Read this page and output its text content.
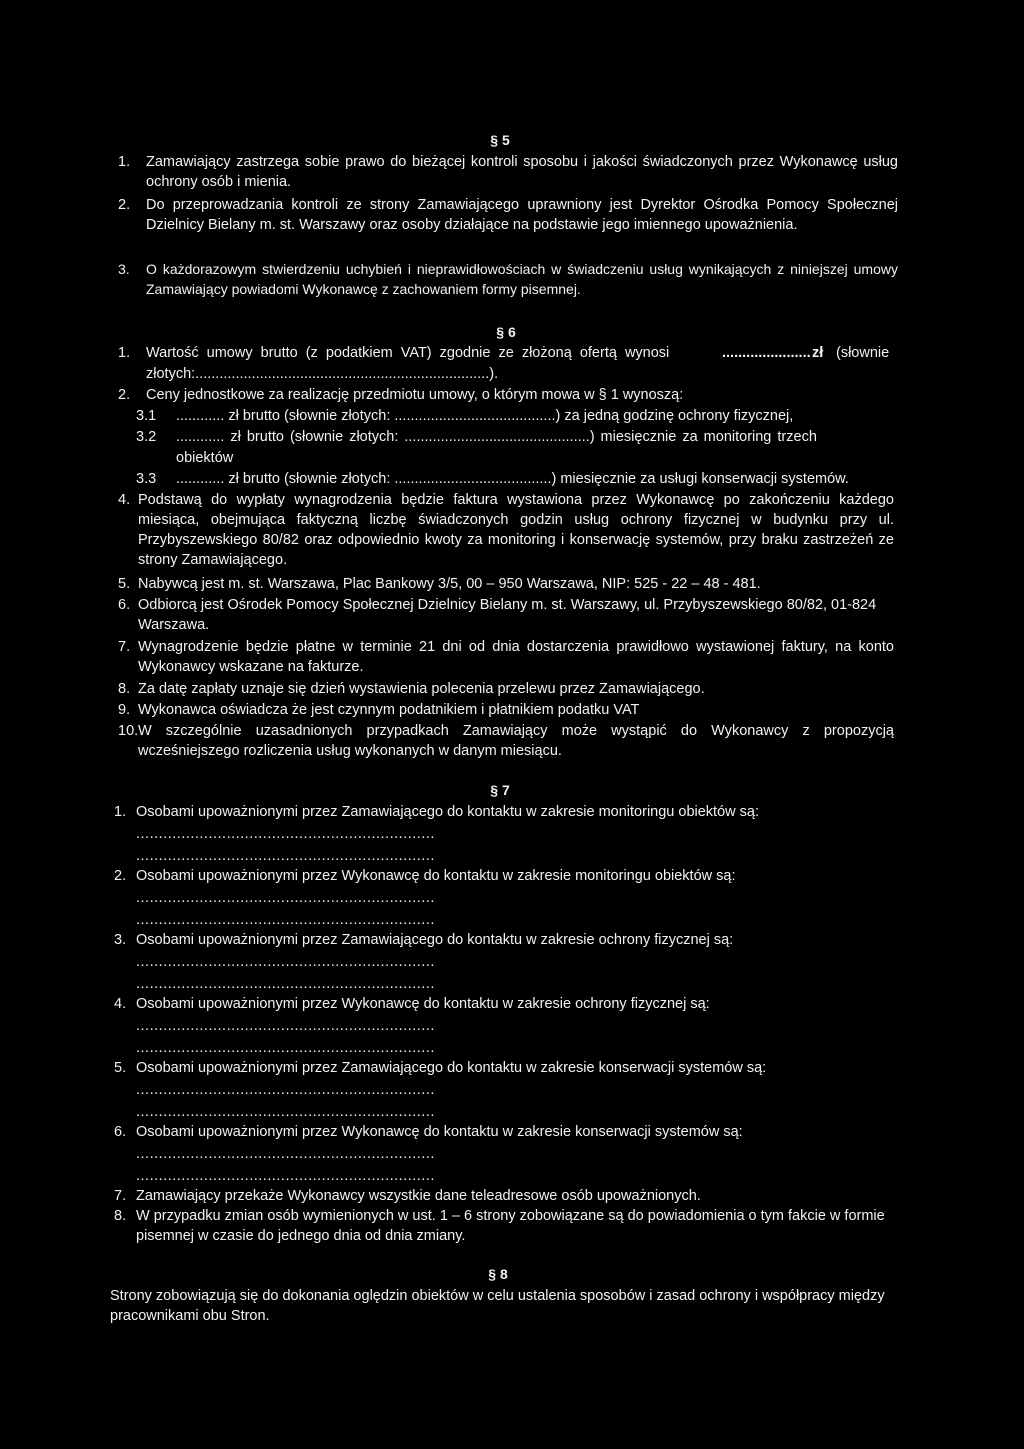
§ 5
1.	Zamawiający zastrzega sobie prawo do bieżącej kontroli sposobu i jakości świadczonych przez Wykonawcę usług ochrony osób i mienia.
2.	Do przeprowadzania kontroli ze strony Zamawiającego uprawniony jest Dyrektor Ośrodka Pomocy Społecznej Dzielnicy Bielany m. st. Warszawy oraz osoby działające na podstawie jego imiennego upoważnienia.
3.	O każdorazowym stwierdzeniu uchybień i nieprawidłowościach w świadczeniu usług wynikających z niniejszej umowy Zamawiający powiadomi Wykonawcę z zachowaniem formy pisemnej.
§ 6
1. Wartość umowy brutto (z podatkiem VAT) zgodnie ze złożoną ofertą wynosi	...................... zł (słownie
złotych:.........................................................................).
2. Ceny jednostkowe za realizację przedmiotu umowy, o którym mowa w § 1 wynoszą:
3.1 ............ zł brutto (słownie złotych: ........................................) za jedną godzinę ochrony fizycznej,
3.2 ............ zł brutto (słownie złotych: ..............................................) miesięcznie za monitoring trzech
obiektów
3.3 ............ zł brutto (słownie złotych: .......................................) miesięcznie za usługi konserwacji systemów.
4. Podstawą do wypłaty wynagrodzenia będzie faktura wystawiona przez Wykonawcę po zakończeniu każdego miesiąca, obejmująca faktyczną liczbę świadczonych godzin usług ochrony fizycznej w budynku przy ul. Przybyszewskiego 80/82 oraz odpowiednio kwoty za monitoring i konserwację systemów, przy braku zastrzeżeń ze strony Zamawiającego.
5. Nabywcą jest m. st. Warszawa, Plac Bankowy 3/5, 00 – 950 Warszawa, NIP: 525 - 22 – 48 - 481.
6. Odbiorcą jest Ośrodek Pomocy Społecznej Dzielnicy Bielany m. st. Warszawy, ul. Przybyszewskiego 80/82, 01-824 Warszawa.
7. Wynagrodzenie będzie płatne w terminie 21 dni od dnia dostarczenia prawidłowo wystawionej faktury, na konto Wykonawcy wskazane na fakturze.
8. Za datę zapłaty uznaje się dzień wystawienia polecenia przelewu przez Zamawiającego.
9. Wykonawca oświadcza że jest czynnym podatnikiem i płatnikiem podatku VAT
10. W szczególnie uzasadnionych przypadkach Zamawiający może wystąpić do Wykonawcy z propozycją wcześniejszego rozliczenia usług wykonanych w danym miesiącu.
§ 7
1. Osobami upoważnionymi przez Zamawiającego do kontaktu w zakresie monitoringu obiektów są:
..................................................................
..................................................................
2. Osobami upoważnionymi przez Wykonawcę do kontaktu w zakresie monitoringu obiektów są:
..................................................................
..................................................................
3. Osobami upoważnionymi przez Zamawiającego do kontaktu w zakresie ochrony fizycznej są:
..................................................................
..................................................................
4. Osobami upoważnionymi przez Wykonawcę do kontaktu w zakresie ochrony fizycznej są:
..................................................................
..................................................................
5. Osobami upoważnionymi przez Zamawiającego do kontaktu w zakresie konserwacji systemów są:
..................................................................
..................................................................
6. Osobami upoważnionymi przez Wykonawcę do kontaktu w zakresie konserwacji systemów są:
..................................................................
..................................................................
7. Zamawiający przekaże Wykonawcy wszystkie dane teleadresowe osób upoważnionych.
8. W przypadku zmian osób wymienionych w ust. 1 – 6 strony zobowiązane są do powiadomienia o tym fakcie w formie pisemnej w czasie do jednego dnia od dnia zmiany.
§ 8
Strony zobowiązują się do dokonania oględzin obiektów w celu ustalenia sposobów i zasad ochrony i współpracy między pracownikami obu Stron.
